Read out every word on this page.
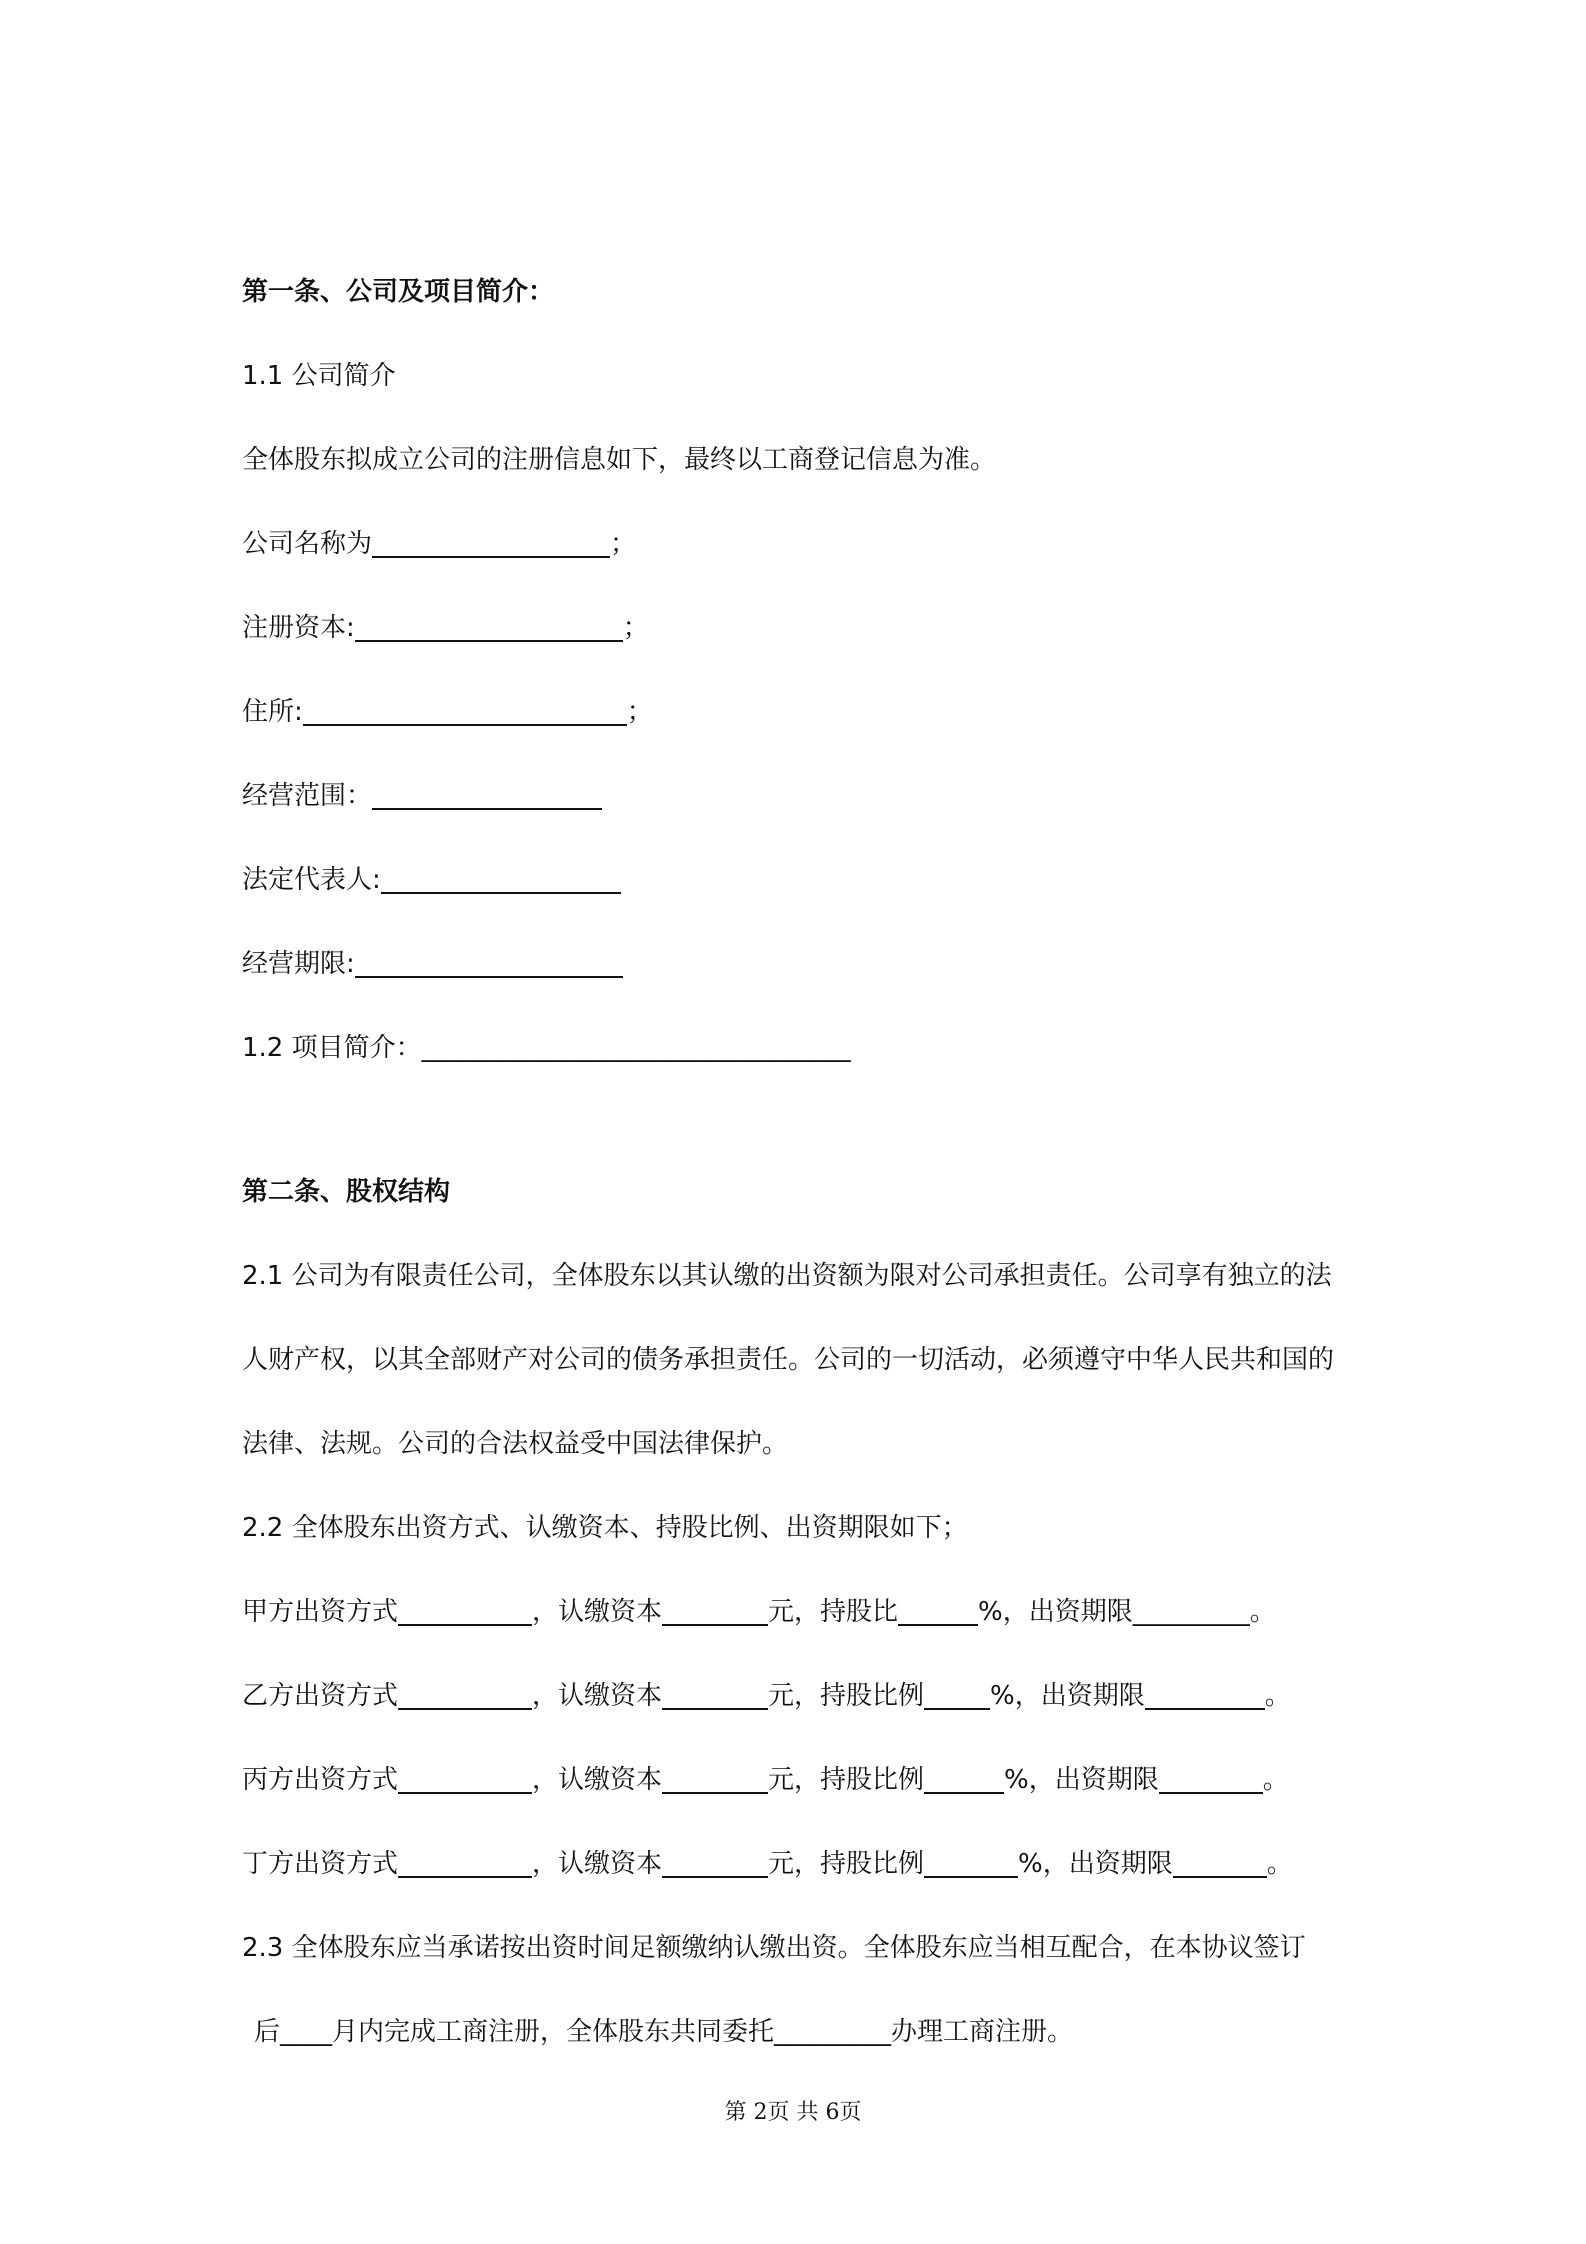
第一条、公司及项目简介：
1.1 公司简介
全体股东拟成立公司的注册信息如下，最终以工商登记信息为准。
公司名称为	；
注册资本:	；
住所:	；
经营范围：
法定代表人:
经营期限:
1.2 项目简介：_________________________________
第二条、股权结构
2.1 公司为有限责任公司，全体股东以其认缴的出资额为限对公司承担责任。公司享有独立的法
人财产权，以其全部财产对公司的债务承担责任。公司的一切活动，必须遵守中华人民共和国的
法律、法规。公司的合法权益受中国法律保护。
2.2 全体股东出资方式、认缴资本、持股比例、出资期限如下；
甲方出资方式	，认缴资本	元，持股比	%，出资期限_________。
乙方出资方式	，认缴资本	元，持股比例	%，出资期限	。
丙方出资方式	，认缴资本	元，持股比例	%，出资期限	。
丁方出资方式	，认缴资本	元，持股比例	%，出资期限	。
2.3 全体股东应当承诺按出资时间足额缴纳认缴出资。全体股东应当相互配合，在本协议签订
后____月内完成工商注册，全体股东共同委托_________办理工商注册。
第 2页 共 6页
